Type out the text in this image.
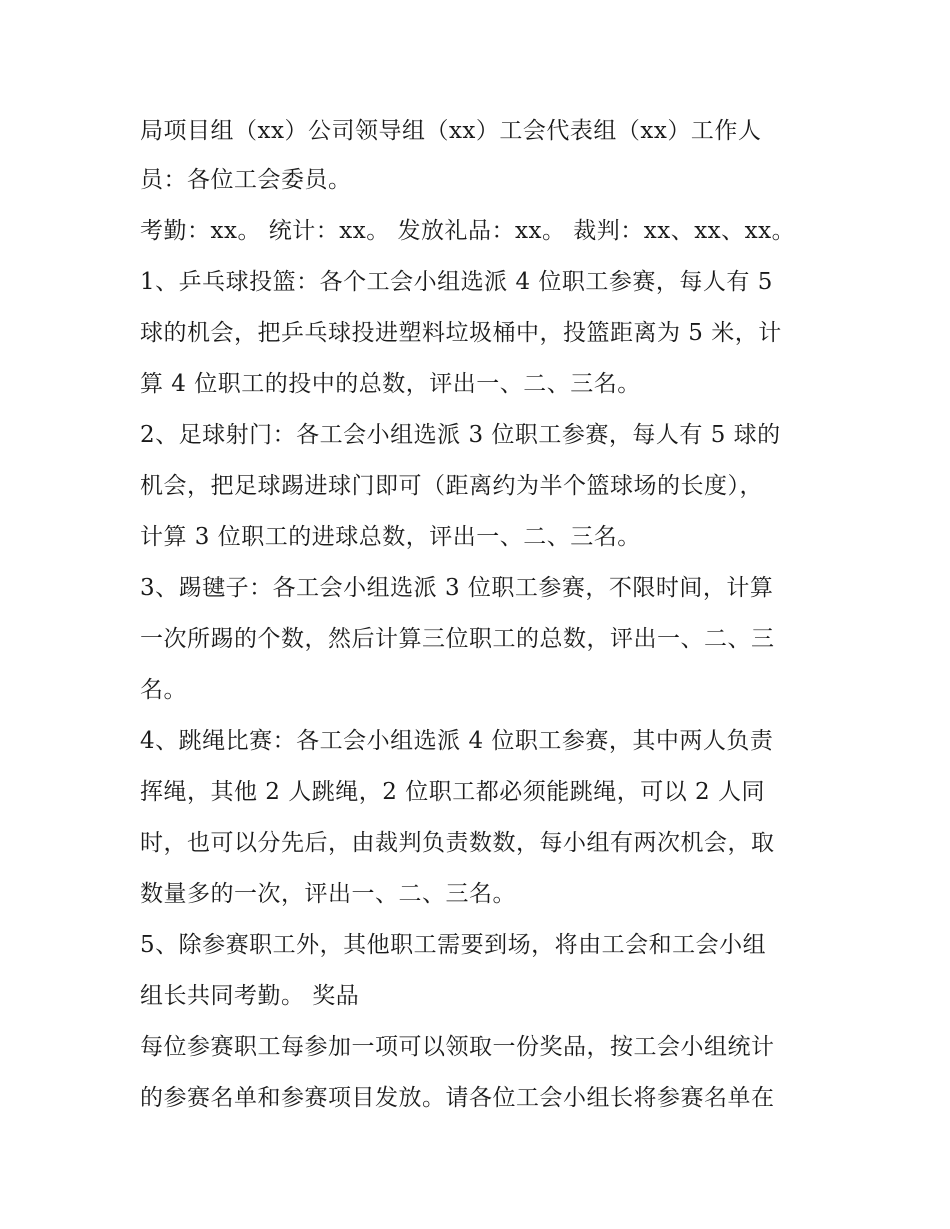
局项目组（xx）公司领导组（xx）工会代表组（xx）工作人
员：各位工会委员。
考勤：xx。 统计：xx。 发放礼品：xx。 裁判：xx、xx、xx。
1、乒乓球投篮：各个工会小组选派 4 位职工参赛，每人有 5
球的机会，把乒乓球投进塑料垃圾桶中，投篮距离为 5 米，计
算 4 位职工的投中的总数，评出一、二、三名。
2、足球射门：各工会小组选派 3 位职工参赛，每人有 5 球的
机会，把足球踢进球门即可（距离约为半个篮球场的长度），
计算 3 位职工的进球总数，评出一、二、三名。
3、踢毽子：各工会小组选派 3 位职工参赛，不限时间，计算
一次所踢的个数，然后计算三位职工的总数，评出一、二、三
名。
4、跳绳比赛：各工会小组选派 4 位职工参赛，其中两人负责
挥绳，其他 2 人跳绳，2 位职工都必须能跳绳，可以 2 人同
时，也可以分先后，由裁判负责数数，每小组有两次机会，取
数量多的一次，评出一、二、三名。
5、除参赛职工外，其他职工需要到场，将由工会和工会小组
组长共同考勤。 奖品
每位参赛职工每参加一项可以领取一份奖品，按工会小组统计
的参赛名单和参赛项目发放。请各位工会小组长将参赛名单在
